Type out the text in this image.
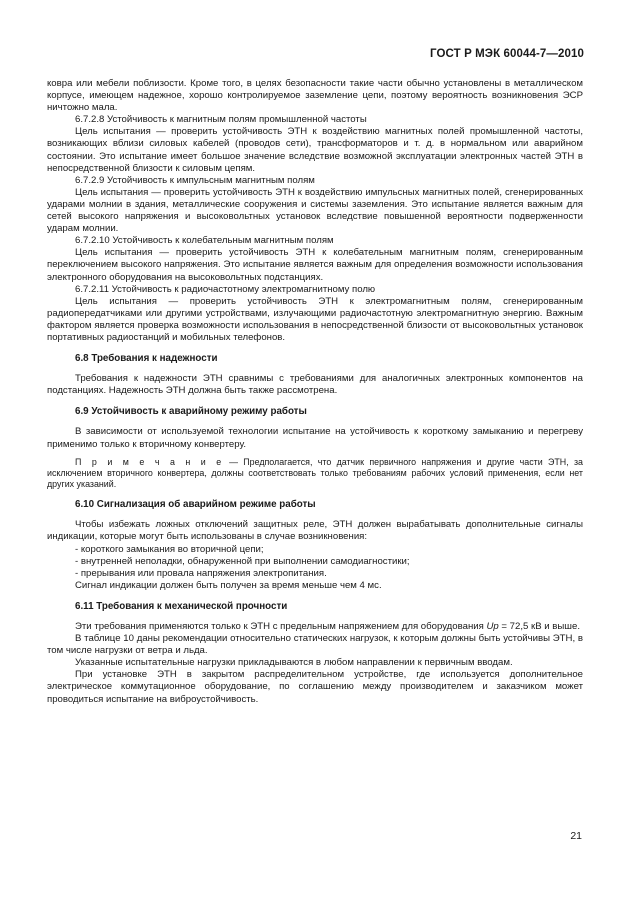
ГОСТ Р МЭК 60044-7—2010

ковра или мебели поблизости. Кроме того, в целях безопасности такие части обычно установлены в металлическом корпусе, имеющем надежное, хорошо контролируемое заземление цепи, поэтому вероятность возникновения ЭСР ничтожно мала.

6.7.2.8 Устойчивость к магнитным полям промышленной частоты

Цель испытания — проверить устойчивость ЭТН к воздействию магнитных полей промышленной частоты, возникающих вблизи силовых кабелей (проводов сети), трансформаторов и т. д. в нормальном или аварийном состоянии. Это испытание имеет большое значение вследствие возможной эксплуатации электронных частей ЭТН в непосредственной близости к силовым цепям.

6.7.2.9 Устойчивость к импульсным магнитным полям

Цель испытания — проверить устойчивость ЭТН к воздействию импульсных магнитных полей, сгенерированных ударами молнии в здания, металлические сооружения и системы заземления. Это испытание является важным для сетей высокого напряжения и высоковольтных установок вследствие повышенной вероятности подверженности ударам молнии.

6.7.2.10 Устойчивость к колебательным магнитным полям

Цель испытания — проверить устойчивость ЭТН к колебательным магнитным полям, сгенерированным переключением высокого напряжения. Это испытание является важным для определения возможности использования электронного оборудования на высоковольтных подстанциях.

6.7.2.11 Устойчивость к радиочастотному электромагнитному полю

Цель испытания — проверить устойчивость ЭТН к электромагнитным полям, сгенерированным радиопередатчиками или другими устройствами, излучающими радиочастотную электромагнитную энергию. Важным фактором является проверка возможности использования в непосредственной близости от высоковольтных установок портативных радиостанций и мобильных телефонов.

6.8 Требования к надежности

Требования к надежности ЭТН сравнимы с требованиями для аналогичных электронных компонентов на подстанциях. Надежность ЭТН должна быть также рассмотрена.

6.9 Устойчивость к аварийному режиму работы

В зависимости от используемой технологии испытание на устойчивость к короткому замыканию и перегреву применимо только к вторичному конвертеру.

П р и м е ч а н и е — Предполагается, что датчик первичного напряжения и другие части ЭТН, за исключением вторичного конвертера, должны соответствовать только требованиям рабочих условий применения, если нет других указаний.

6.10 Сигнализация об аварийном режиме работы

Чтобы избежать ложных отключений защитных реле, ЭТН должен вырабатывать дополнительные сигналы индикации, которые могут быть использованы в случае возникновения:

- короткого замыкания во вторичной цепи;

- внутренней неполадки, обнаруженной при выполнении самодиагностики;

- прерывания или провала напряжения электропитания.

Сигнал индикации должен быть получен за время меньше чем 4 мс.

6.11 Требования к механической прочности

Эти требования применяются только к ЭТН с предельным напряжением для оборудования Up = 72,5 кВ и выше.

В таблице 10 даны рекомендации относительно статических нагрузок, к которым должны быть устойчивы ЭТН, в том числе нагрузки от ветра и льда.

Указанные испытательные нагрузки прикладываются в любом направлении к первичным вводам.

При установке ЭТН в закрытом распределительном устройстве, где используется дополнительное электрическое коммутационное оборудование, по соглашению между производителем и заказчиком может проводиться испытание на виброустойчивость.

21
